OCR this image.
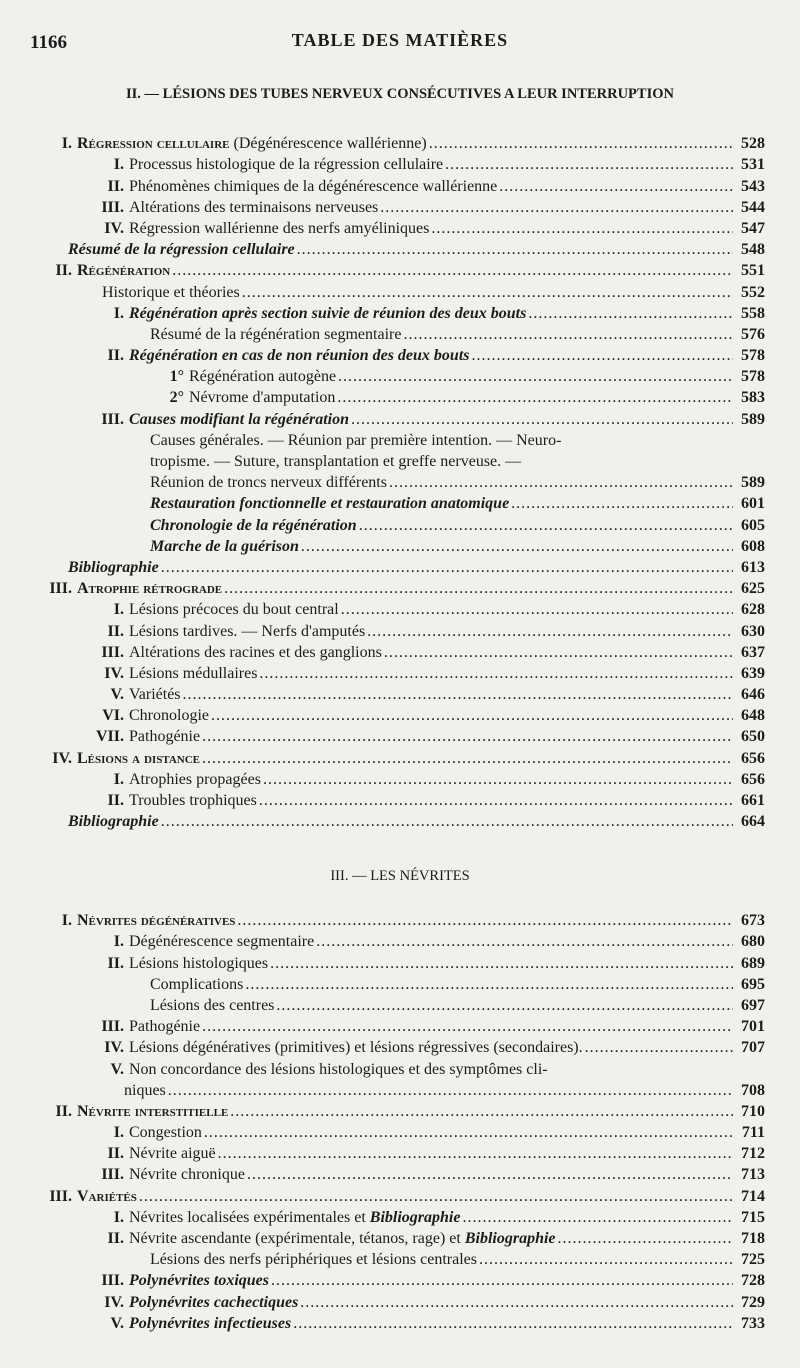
1166	TABLE DES MATIÈRES
II. — LÉSIONS DES TUBES NERVEUX CONSÉCUTIVES A LEUR INTERRUPTION
I. Régression cellulaire (Dégénérescence wallérienne) .....	528
I. Processus histologique de la régression cellulaire .....	531
II. Phénomènes chimiques de la dégénérescence wallérienne .....	543
III. Altérations des terminaisons nerveuses .....	544
IV. Régression wallérienne des nerfs amyéliniques .....	547
Résumé de la régression cellulaire .....	548
II. Régénération .....	551
Historique et théories .....	552
I. Régénération après section suivie de réunion des deux bouts .....	558
Résumé de la régénération segmentaire .....	576
II. Régénération en cas de non réunion des deux bouts .....	578
1° Régénération autogène .....	578
2° Névrome d'amputation .....	583
III. Causes modifiant la régénération .....	589
Causes générales. — Réunion par première intention. — Neuro-
tropisme. — Suture, transplantation et greffe nerveuse. —
Réunion de troncs nerveux différents .....	589
Restauration fonctionnelle et restauration anatomique .....	601
Chronologie de la régénération .....	605
Marche de la guérison .....	608
Bibliographie .....	613
III. Atrophie rétrograde .....	625
I. Lésions précoces du bout central .....	628
II. Lésions tardives. — Nerfs d'amputés .....	630
III. Altérations des racines et des ganglions .....	637
IV. Lésions médullaires .....	639
V. Variétés .....	646
VI. Chronologie .....	648
VII. Pathogénie .....	650
IV. Lésions a distance .....	656
I. Atrophies propagées .....	656
II. Troubles trophiques .....	661
Bibliographie .....	664
III. — LES NÉVRITES
I. Névrites dégénératives .....	673
I. Dégénérescence segmentaire .....	680
II. Lésions histologiques .....	689
Complications .....	695
Lésions des centres .....	697
III. Pathogénie .....	701
IV. Lésions dégénératives (primitives) et lésions régressives (secondaires). .....	707
V. Non concordance des lésions histologiques et des symptômes cli-
niques .....	708
II. Névrite interstitielle .....	710
I. Congestion .....	711
II. Névrite aiguë .....	712
III. Névrite chronique .....	713
III. Variétés .....	714
I. Névrites localisées expérimentales et Bibliographie .....	715
II. Névrite ascendante (expérimentale, tétanos, rage) et Bibliographie .....	718
Lésions des nerfs périphériques et lésions centrales .....	725
III. Polynévrites toxiques .....	728
IV. Polynévrites cachectiques .....	729
V. Polynévrites infectieuses .....	733
